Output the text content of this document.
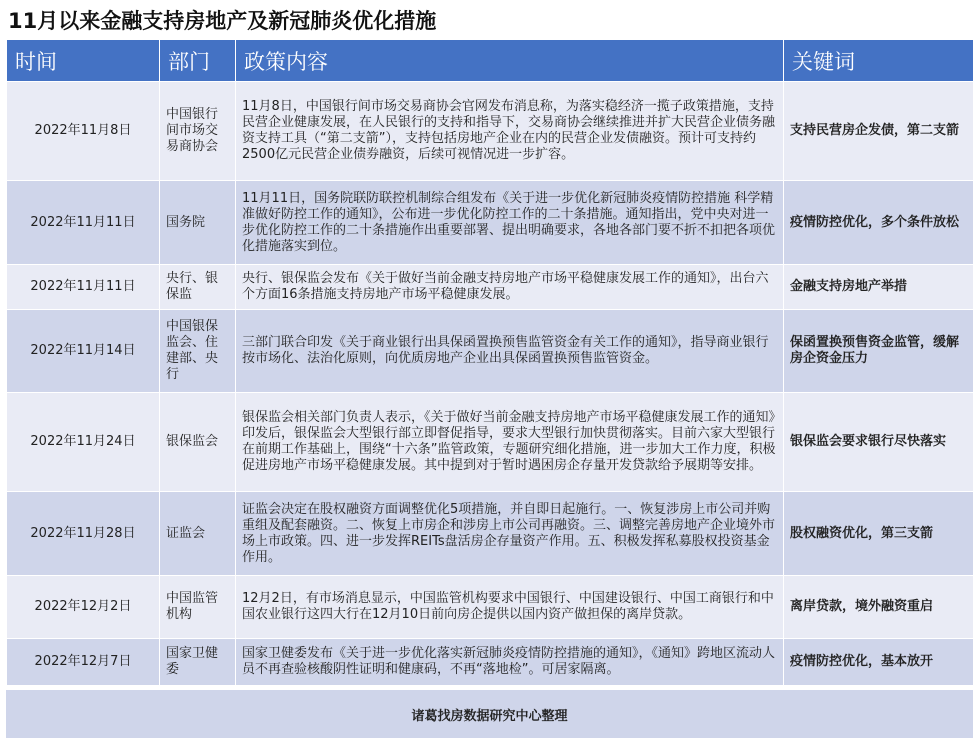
11月以来金融支持房地产及新冠肺炎优化措施
时间	部门	政策内容	关键词
2022年11月8日	中国银行间市场交易商协会	11月8日，中国银行间市场交易商协会官网发布消息称，为落实稳经济一揽子政策措施，支持民营企业健康发展，在人民银行的支持和指导下，交易商协会继续推进并扩大民营企业债务融资支持工具（“第二支箭”），支持包括房地产企业在内的民营企业发债融资。预计可支持约2500亿元民营企业债券融资，后续可视情况进一步扩容。	支持民营房企发债，第二支箭
2022年11月11日	国务院	11月11日，国务院联防联控机制综合组发布《关于进一步优化新冠肺炎疫情防控措施 科学精准做好防控工作的通知》，公布进一步优化防控工作的二十条措施。通知指出，党中央对进一步优化防控工作的二十条措施作出重要部署、提出明确要求，各地各部门要不折不扣把各项优化措施落实到位。	疫情防控优化，多个条件放松
2022年11月11日	央行、银保监	央行、银保监会发布《关于做好当前金融支持房地产市场平稳健康发展工作的通知》，出台六个方面16条措施支持房地产市场平稳健康发展。	金融支持房地产举措
2022年11月14日	中国银保监会、住建部、央行	三部门联合印发《关于商业银行出具保函置换预售监管资金有关工作的通知》，指导商业银行按市场化、法治化原则，向优质房地产企业出具保函置换预售监管资金。	保函置换预售资金监管，缓解房企资金压力
2022年11月24日	银保监会	银保监会相关部门负责人表示，《关于做好当前金融支持房地产市场平稳健康发展工作的通知》印发后，银保监会大型银行部立即督促指导，要求大型银行加快贯彻落实。目前六家大型银行在前期工作基础上，围绕“十六条”监管政策，专题研究细化措施，进一步加大工作力度，积极促进房地产市场平稳健康发展。其中提到对于暂时遇困房企存量开发贷款给予展期等安排。	银保监会要求银行尽快落实
2022年11月28日	证监会	证监会决定在股权融资方面调整优化5项措施，并自即日起施行。一、恢复涉房上市公司并购重组及配套融资。二、恢复上市房企和涉房上市公司再融资。三、调整完善房地产企业境外市场上市政策。四、进一步发挥REITs盘活房企存量资产作用。五、积极发挥私募股权投资基金作用。	股权融资优化，第三支箭
2022年12月2日	中国监管机构	12月2日，有市场消息显示，中国监管机构要求中国银行、中国建设银行、中国工商银行和中国农业银行这四大行在12月10日前向房企提供以国内资产做担保的离岸贷款。	离岸贷款，境外融资重启
2022年12月7日	国家卫健委	国家卫健委发布《关于进一步优化落实新冠肺炎疫情防控措施的通知》，《通知》跨地区流动人员不再查验核酸阴性证明和健康码，不再“落地检”。可居家隔离。	疫情防控优化，基本放开
诸葛找房数据研究中心整理
